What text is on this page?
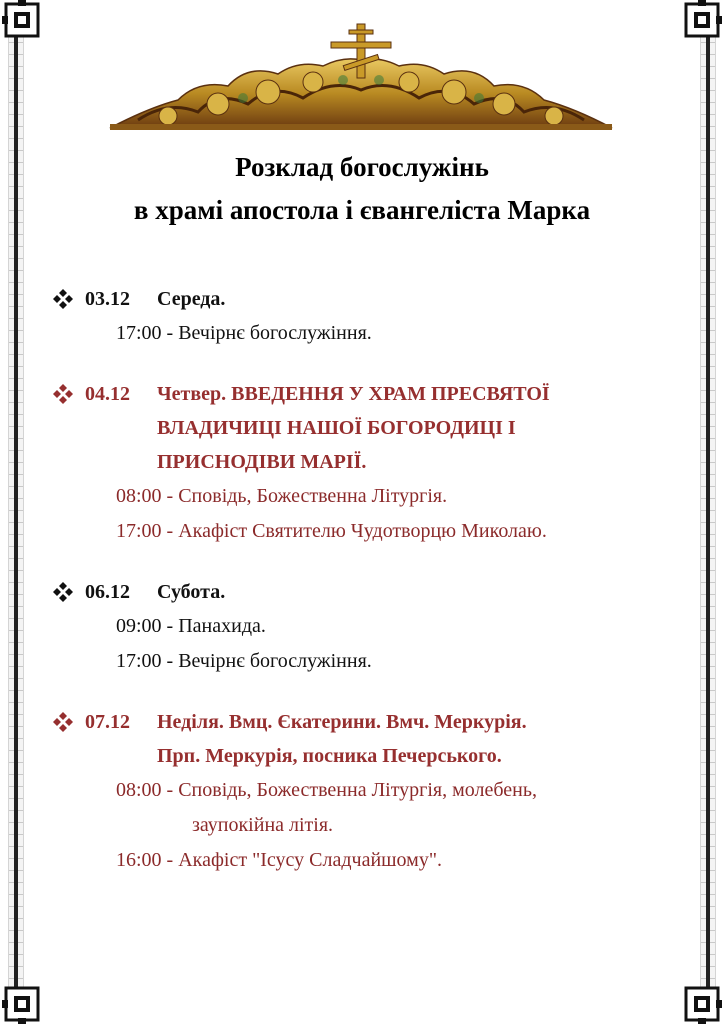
Розклад богослужінь
в храмі апостола і євангеліста Марка
03.12	Середа.
17:00 - Вечірнє богослужіння.
04.12	Четвер. ВВЕДЕННЯ У ХРАМ ПРЕСВЯТОЇ
ВЛАДИЧИЦІ НАШОЇ БОГОРОДИЦІ І
ПРИСНОДІВИ МАРІЇ.
08:00 - Сповідь, Божественна Літургія.
17:00 - Акафіст Святителю Чудотворцю Миколаю.
06.12	Субота.
09:00 - Панахида.
17:00 - Вечірнє богослужіння.
07.12	Неділя. Вмц. Єкатерини. Вмч. Меркурія.
Прп. Меркурія, посника Печерського.
08:00 - Сповідь, Божественна Літургія, молебень,
заупокійна літія.
16:00 - Акафіст "Ісусу Сладчайшому".
